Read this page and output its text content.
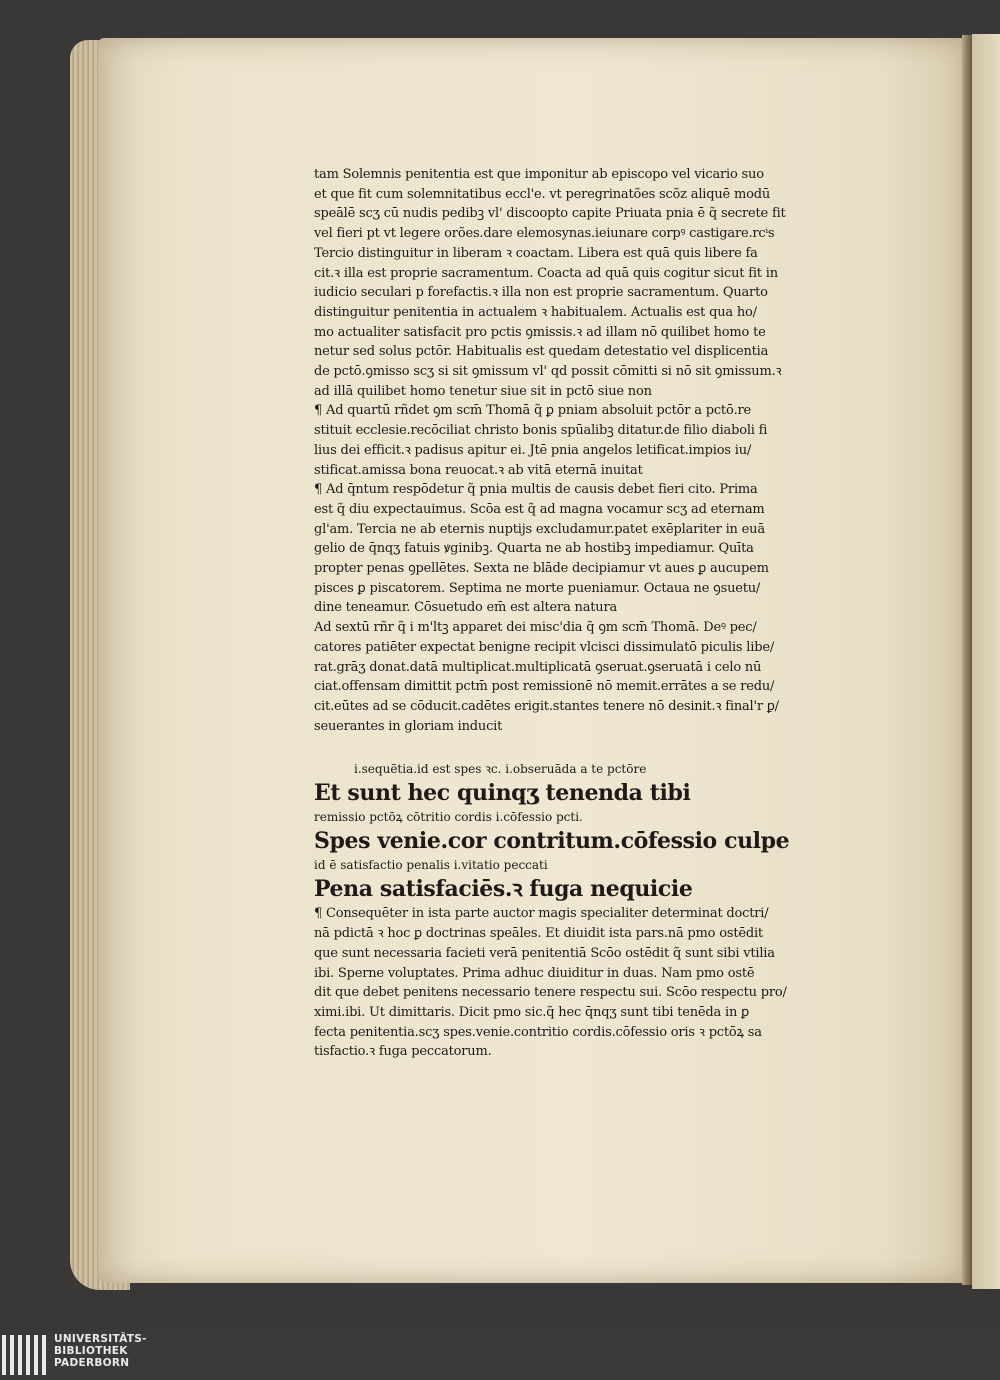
tam Solemnis penitentia est que imponitur ab episcopo vel vicario suo
et que fit cum solemnitatibus eccl'e. vt peregrinatões scõz aliquē modū
speālē scʒ cū nudis pedibꝫ vl' discoopto capite Priuata pnia ē q̃ secrete fit
vel fieri pt vt legere orões.dare elemosynas.ieiunare corpꝰ castigare.rcⁱs
Tercio distinguitur in liberam ꝛ coactam. Libera est quā quis libere fa
cit.ꝛ illa est proprie sacramentum. Coacta ad quā quis cogitur sicut fit in
iudicio seculari p forefactis.ꝛ illa non est proprie sacramentum. Quarto
distinguitur penitentia in actualem ꝛ habitualem. Actualis est qua ho/
mo actualiter satisfacit pro pctis ꝯmissis.ꝛ ad illam nō quilibet homo te
netur sed solus pctōr. Habitualis est quedam detestatio vel displicentia
de pctō.ꝯmisso scʒ si sit ꝯmissum vl' qd possit cōmitti si nō sit ꝯmissum.ꝛ
ad illā quilibet homo tenetur siue sit in pctō siue non
¶ Ad quartū rñdet ꝯm scm̄ Thomā q̃ ꝑ pniam absoluit pctōr a pctō.re
stituit ecclesie.recōciliat christo bonis spūalibꝫ ditatur.de filio diaboli fi
lius dei efficit.ꝛ padisus apitur ei. Jtē pnia angelos letificat.impios iu/
stificat.amissa bona reuocat.ꝛ ab vitā eternā inuitat
¶ Ad q̄ntum respōdetur q̃ pnia multis de causis debet fieri cito. Prima
est q̃ diu expectauimus. Scōa est q̃ ad magna vocamur scʒ ad eternam
gl'am. Tercia ne ab eternis nuptijs excludamur.patet exēplariter in euā
gelio de q̄nqʒ fatuis ꝟginibꝫ. Quarta ne ab hostibꝫ impediamur. Quīta
propter penas ꝯpellētes. Sexta ne blāde decipiamur vt aues ꝑ aucupem
pisces ꝑ piscatorem. Septima ne morte pueniamur. Octaua ne ꝯsuetu/
dine teneamur. Cōsuetudo em̄ est altera natura
Ad sextū rñr q̃ i m'ltꝫ apparet dei misc'dia q̃ ꝯm scm̄ Thomā. Deꝰ pec/
catores patiēter expectat benigne recipit vlcisci dissimulatō piculis libe/
rat.grāʒ donat.datā multiplicat.multiplicatā ꝯseruat.ꝯseruatā i celo nū
ciat.offensam dimittit pctm̄ post remissionē nō memit.errātes a se redu/
cit.eūtes ad se cōducit.cadētes erigit.stantes tenere nō desinit.ꝛ final'r ꝑ/
seuerantes in gloriam inducit
i.sequētia.id est spes ꝛc. i.obseruāda a te pctōre
Et sunt hec quinqʒ tenenda tibi
remissio pctōꝝ cōtritio cordis i.cōfessio pcti.
Spes venie.cor contritum.cōfessio culpe
id ē satisfactio penalis i.vitatio peccati
Pena satisfaciēs.ꝛ fuga nequicie
¶ Consequēter in ista parte auctor magis specialiter determinat doctri/
nā pdictā ꝛ hoc ꝑ doctrinas speāles. Et diuidit ista pars.nā pmo ostēdit
que sunt necessaria facieti verā penitentiā Scōo ostēdit q̃ sunt sibi vtilia
ibi. Sperne voluptates. Prima adhuc diuiditur in duas. Nam pmo ostē
dit que debet penitens necessario tenere respectu sui. Scōo respectu pro/
ximi.ibi. Ut dimittaris. Dicit pmo sic.q̃ hec q̄nqʒ sunt tibi tenēda in ꝑ
fecta penitentia.scʒ spes.venie.contritio cordis.cōfessio oris ꝛ pctōꝝ sa
tisfactio.ꝛ fuga peccatorum.
UNIVERSITÄTS-
BIBLIOTHEK
PADERBORN
